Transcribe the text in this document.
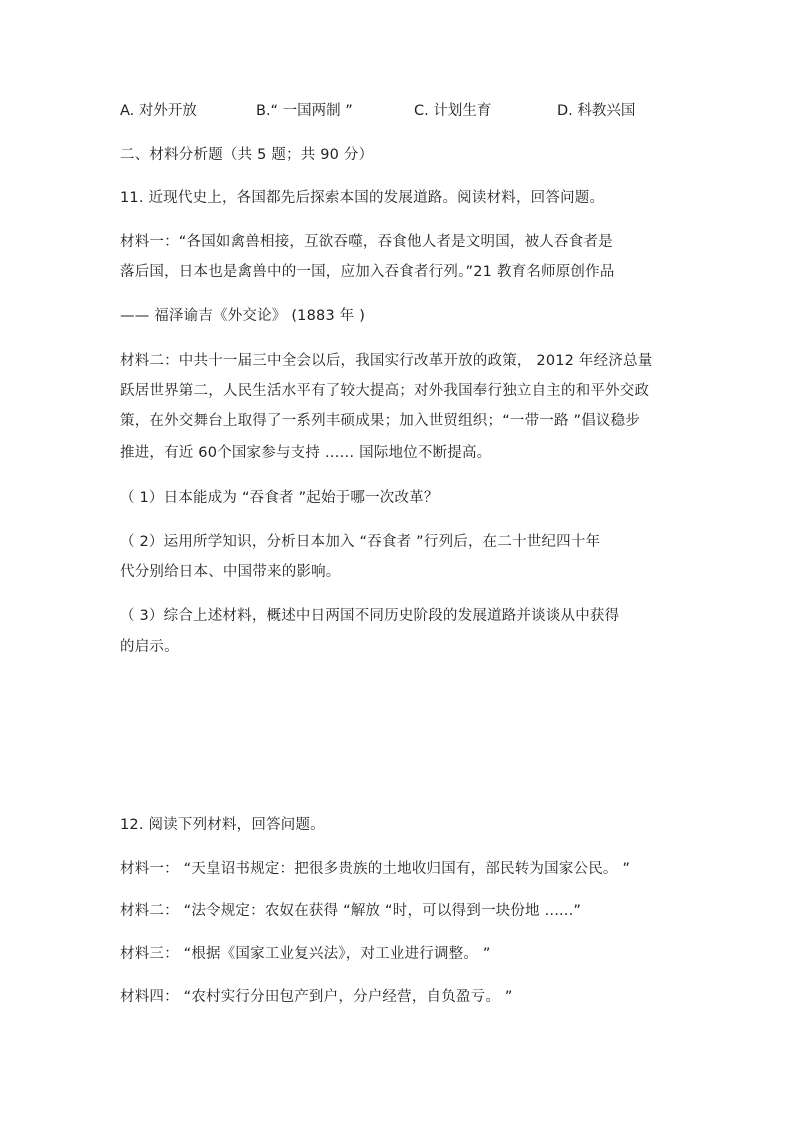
A. 对外开放	B.“ 一国两制 ”	C. 计划生育	D. 科教兴国
二、材料分析题（共 5 题；共 90 分）
11. 近现代史上，各国都先后探索本国的发展道路。阅读材料，回答问题。
材料一：“各国如禽兽相接，互欲吞噬，吞食他人者是文明国，被人吞食者是
落后国，日本也是禽兽中的一国，应加入吞食者行列。”21 教育名师原创作品
—— 福泽谕吉《外交论》 (1883 年 )
材料二：中共十一届三中全会以后，我国实行改革开放的政策， 2012 年经济总量
跃居世界第二，人民生活水平有了较大提高；对外我国奉行独立自主的和平外交政
策，在外交舞台上取得了一系列丰硕成果；加入世贸组织；“一带一路 ”倡议稳步
推进，有近 60个国家参与支持 …… 国际地位不断提高。
（ 1）日本能成为 “吞食者 ”起始于哪一次改革？
（ 2）运用所学知识，分析日本加入 “吞食者 ”行列后，在二十世纪四十年
代分别给日本、中国带来的影响。
（ 3）综合上述材料，概述中日两国不同历史阶段的发展道路并谈谈从中获得
的启示。
12. 阅读下列材料，回答问题。
材料一： “天皇诏书规定：把很多贵族的土地收归国有，部民转为国家公民。 ”
材料二： “法令规定：农奴在获得 “解放 “时，可以得到一块份地 ......”
材料三： “根据《国家工业复兴法》，对工业进行调整。 ”
材料四： “农村实行分田包产到户，分户经营，自负盈亏。 ”
